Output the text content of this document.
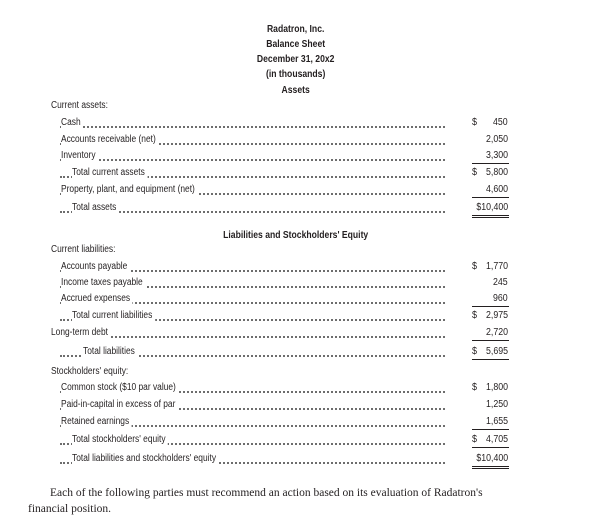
Radatron, Inc.
Balance Sheet
December 31, 20x2
(in thousands)
Assets
Current assets:
Cash	$ 450
Accounts receivable (net)	2,050
Inventory	3,300
Total current assets	$ 5,800
Property, plant, and equipment (net)	4,600
Total assets	$10,400
Liabilities and Stockholders' Equity
Current liabilities:
Accounts payable	$ 1,770
Income taxes payable	245
Accrued expenses	960
Total current liabilities	$ 2,975
Long-term debt	2,720
Total liabilities	$ 5,695
Stockholders' equity:
Common stock ($10 par value)	$ 1,800
Paid-in-capital in excess of par	1,250
Retained earnings	1,655
Total stockholders' equity	$ 4,705
Total liabilities and stockholders' equity	$10,400
Each of the following parties must recommend an action based on its evaluation of Radatron's
financial position.
